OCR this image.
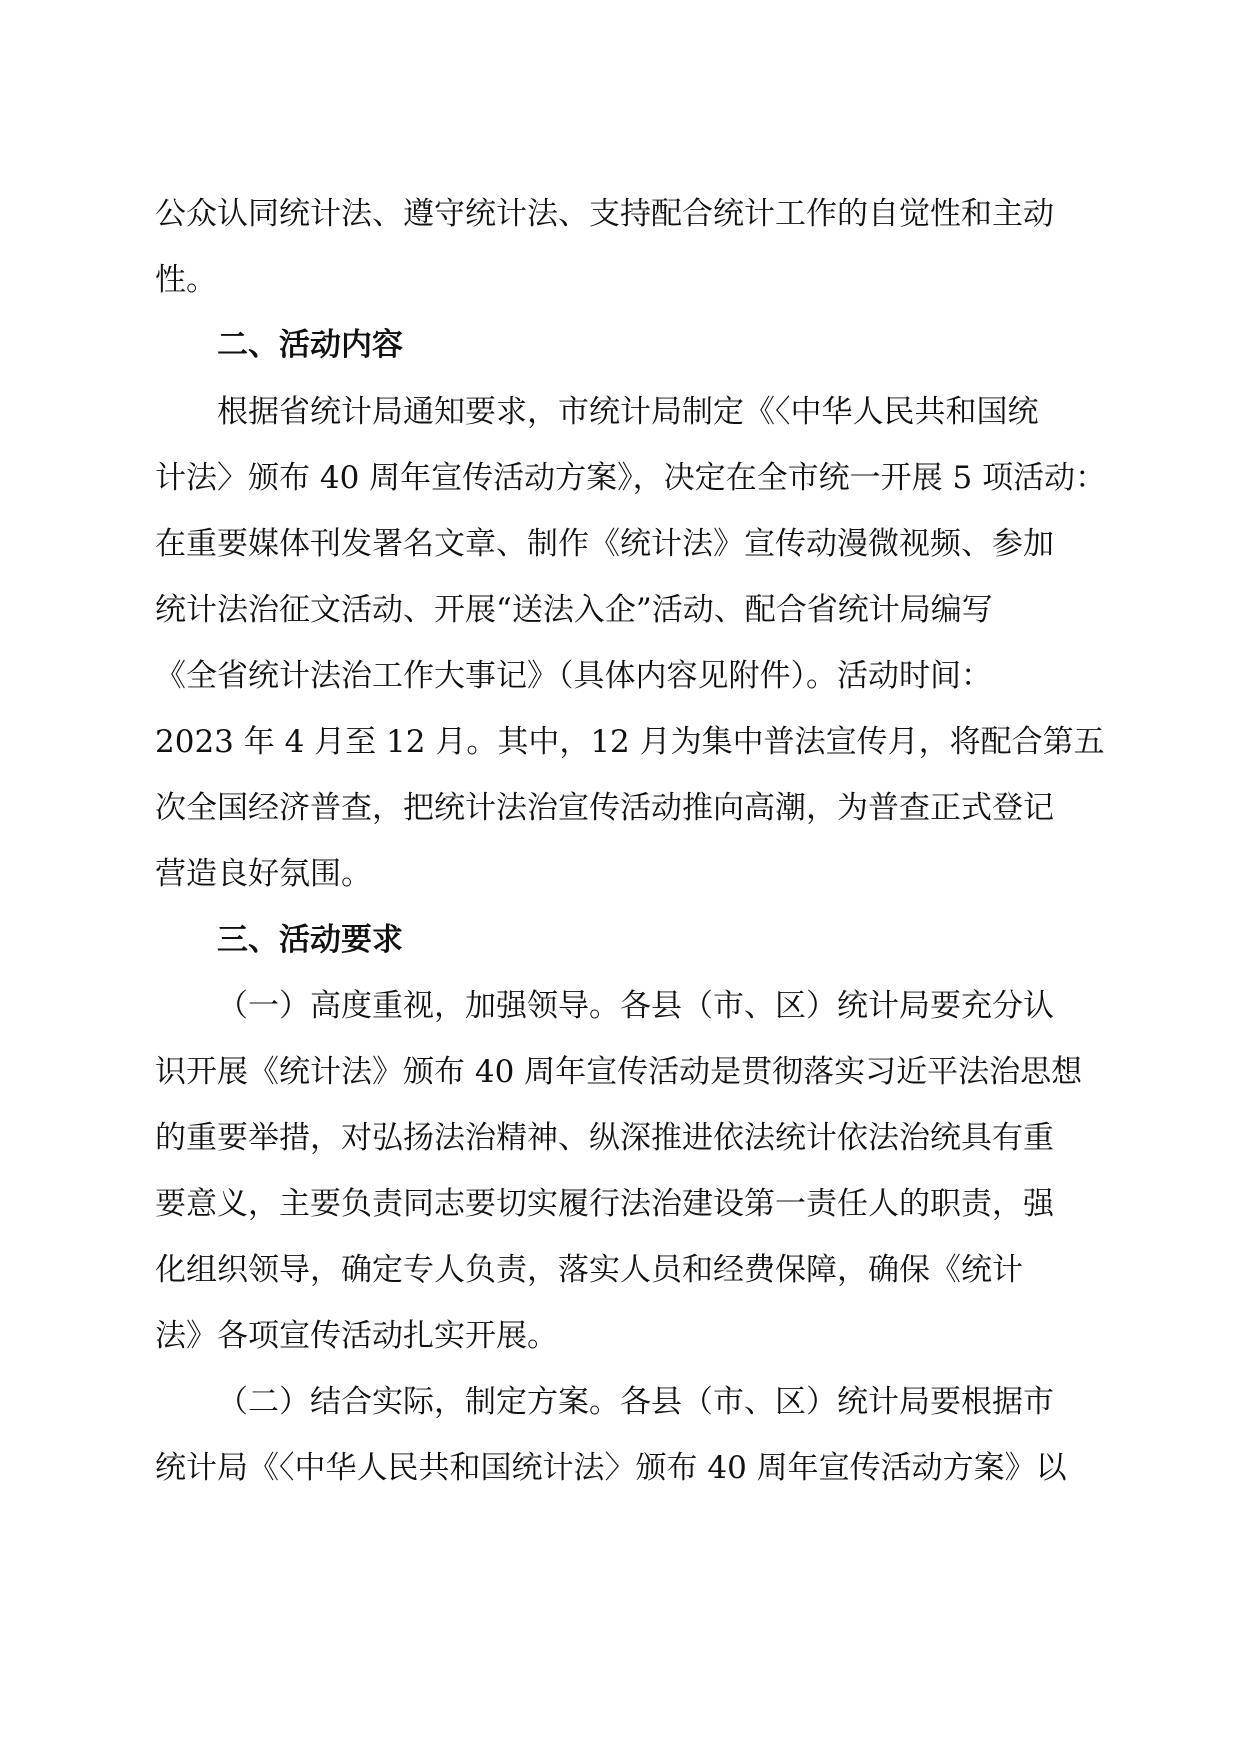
公众认同统计法、遵守统计法、支持配合统计工作的自觉性和主动

性。

二、活动内容

根据省统计局通知要求，市统计局制定《〈中华人民共和国统

计法〉颁布 40 周年宣传活动方案》，决定在全市统一开展 5 项活动：

在重要媒体刊发署名文章、制作《统计法》宣传动漫微视频、参加

统计法治征文活动、开展“送法入企”活动、配合省统计局编写

《全省统计法治工作大事记》（具体内容见附件）。活动时间：

2023 年 4 月至 12 月。其中，12 月为集中普法宣传月，将配合第五

次全国经济普查，把统计法治宣传活动推向高潮，为普查正式登记

营造良好氛围。

三、活动要求

（一）高度重视，加强领导。各县（市、区）统计局要充分认

识开展《统计法》颁布 40 周年宣传活动是贯彻落实习近平法治思想

的重要举措，对弘扬法治精神、纵深推进依法统计依法治统具有重

要意义，主要负责同志要切实履行法治建设第一责任人的职责，强

化组织领导，确定专人负责，落实人员和经费保障，确保《统计

法》各项宣传活动扎实开展。

（二）结合实际，制定方案。各县（市、区）统计局要根据市

统计局《〈中华人民共和国统计法〉颁布 40 周年宣传活动方案》以
